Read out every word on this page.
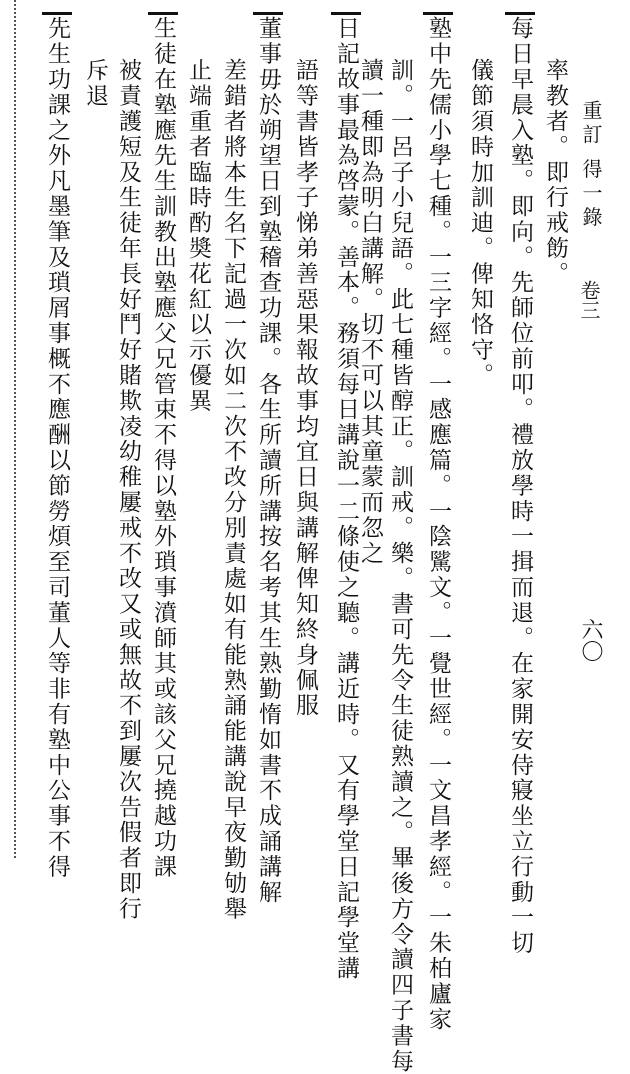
重訂 得一錄
卷三
六〇
率教者。即行戒飭。
每日早晨入塾。即向。先師位前叩。禮放學時一揖而退。在家開安侍寢坐立行動一切
儀節須時加訓迪。俾知恪守。
塾中先儒小學七種。一三字經。一感應篇。一陰騭文。一覺世經。一文昌孝經。一朱柏廬家
訓。一呂子小兒語。此七種皆醇正。訓戒。樂。書可先令生徒熟讀之。畢後方令讀四子書每
讀一種即為明白講解。切不可以其童蒙而忽之
日記故事最為啓蒙。善本。務須每日講說一二條使之聽。講近時。又有學堂日記學堂講
語等書皆孝子悌弟善惡果報故事均宜日與講解俾知終身佩服
董事毋於朔望日到塾稽查功課。各生所讀所講按名考其生熟勤惰如書不成誦講解
差錯者將本生名下記過一次如二次不改分別責處如有能熟誦能講說早夜勤劬舉
止端重者臨時酌奬花紅以示優異
生徒在塾應先生訓教出塾應父兄管束不得以塾外瑣事濆師其或該父兄撓越功課
被責護短及生徒年長好鬥好賭欺凌幼稚屢戒不改又或無故不到屢次告假者即行
斥退
先生功課之外凡墨筆及瑣屑事概不應酬以節勞煩至司董人等非有塾中公事不得
